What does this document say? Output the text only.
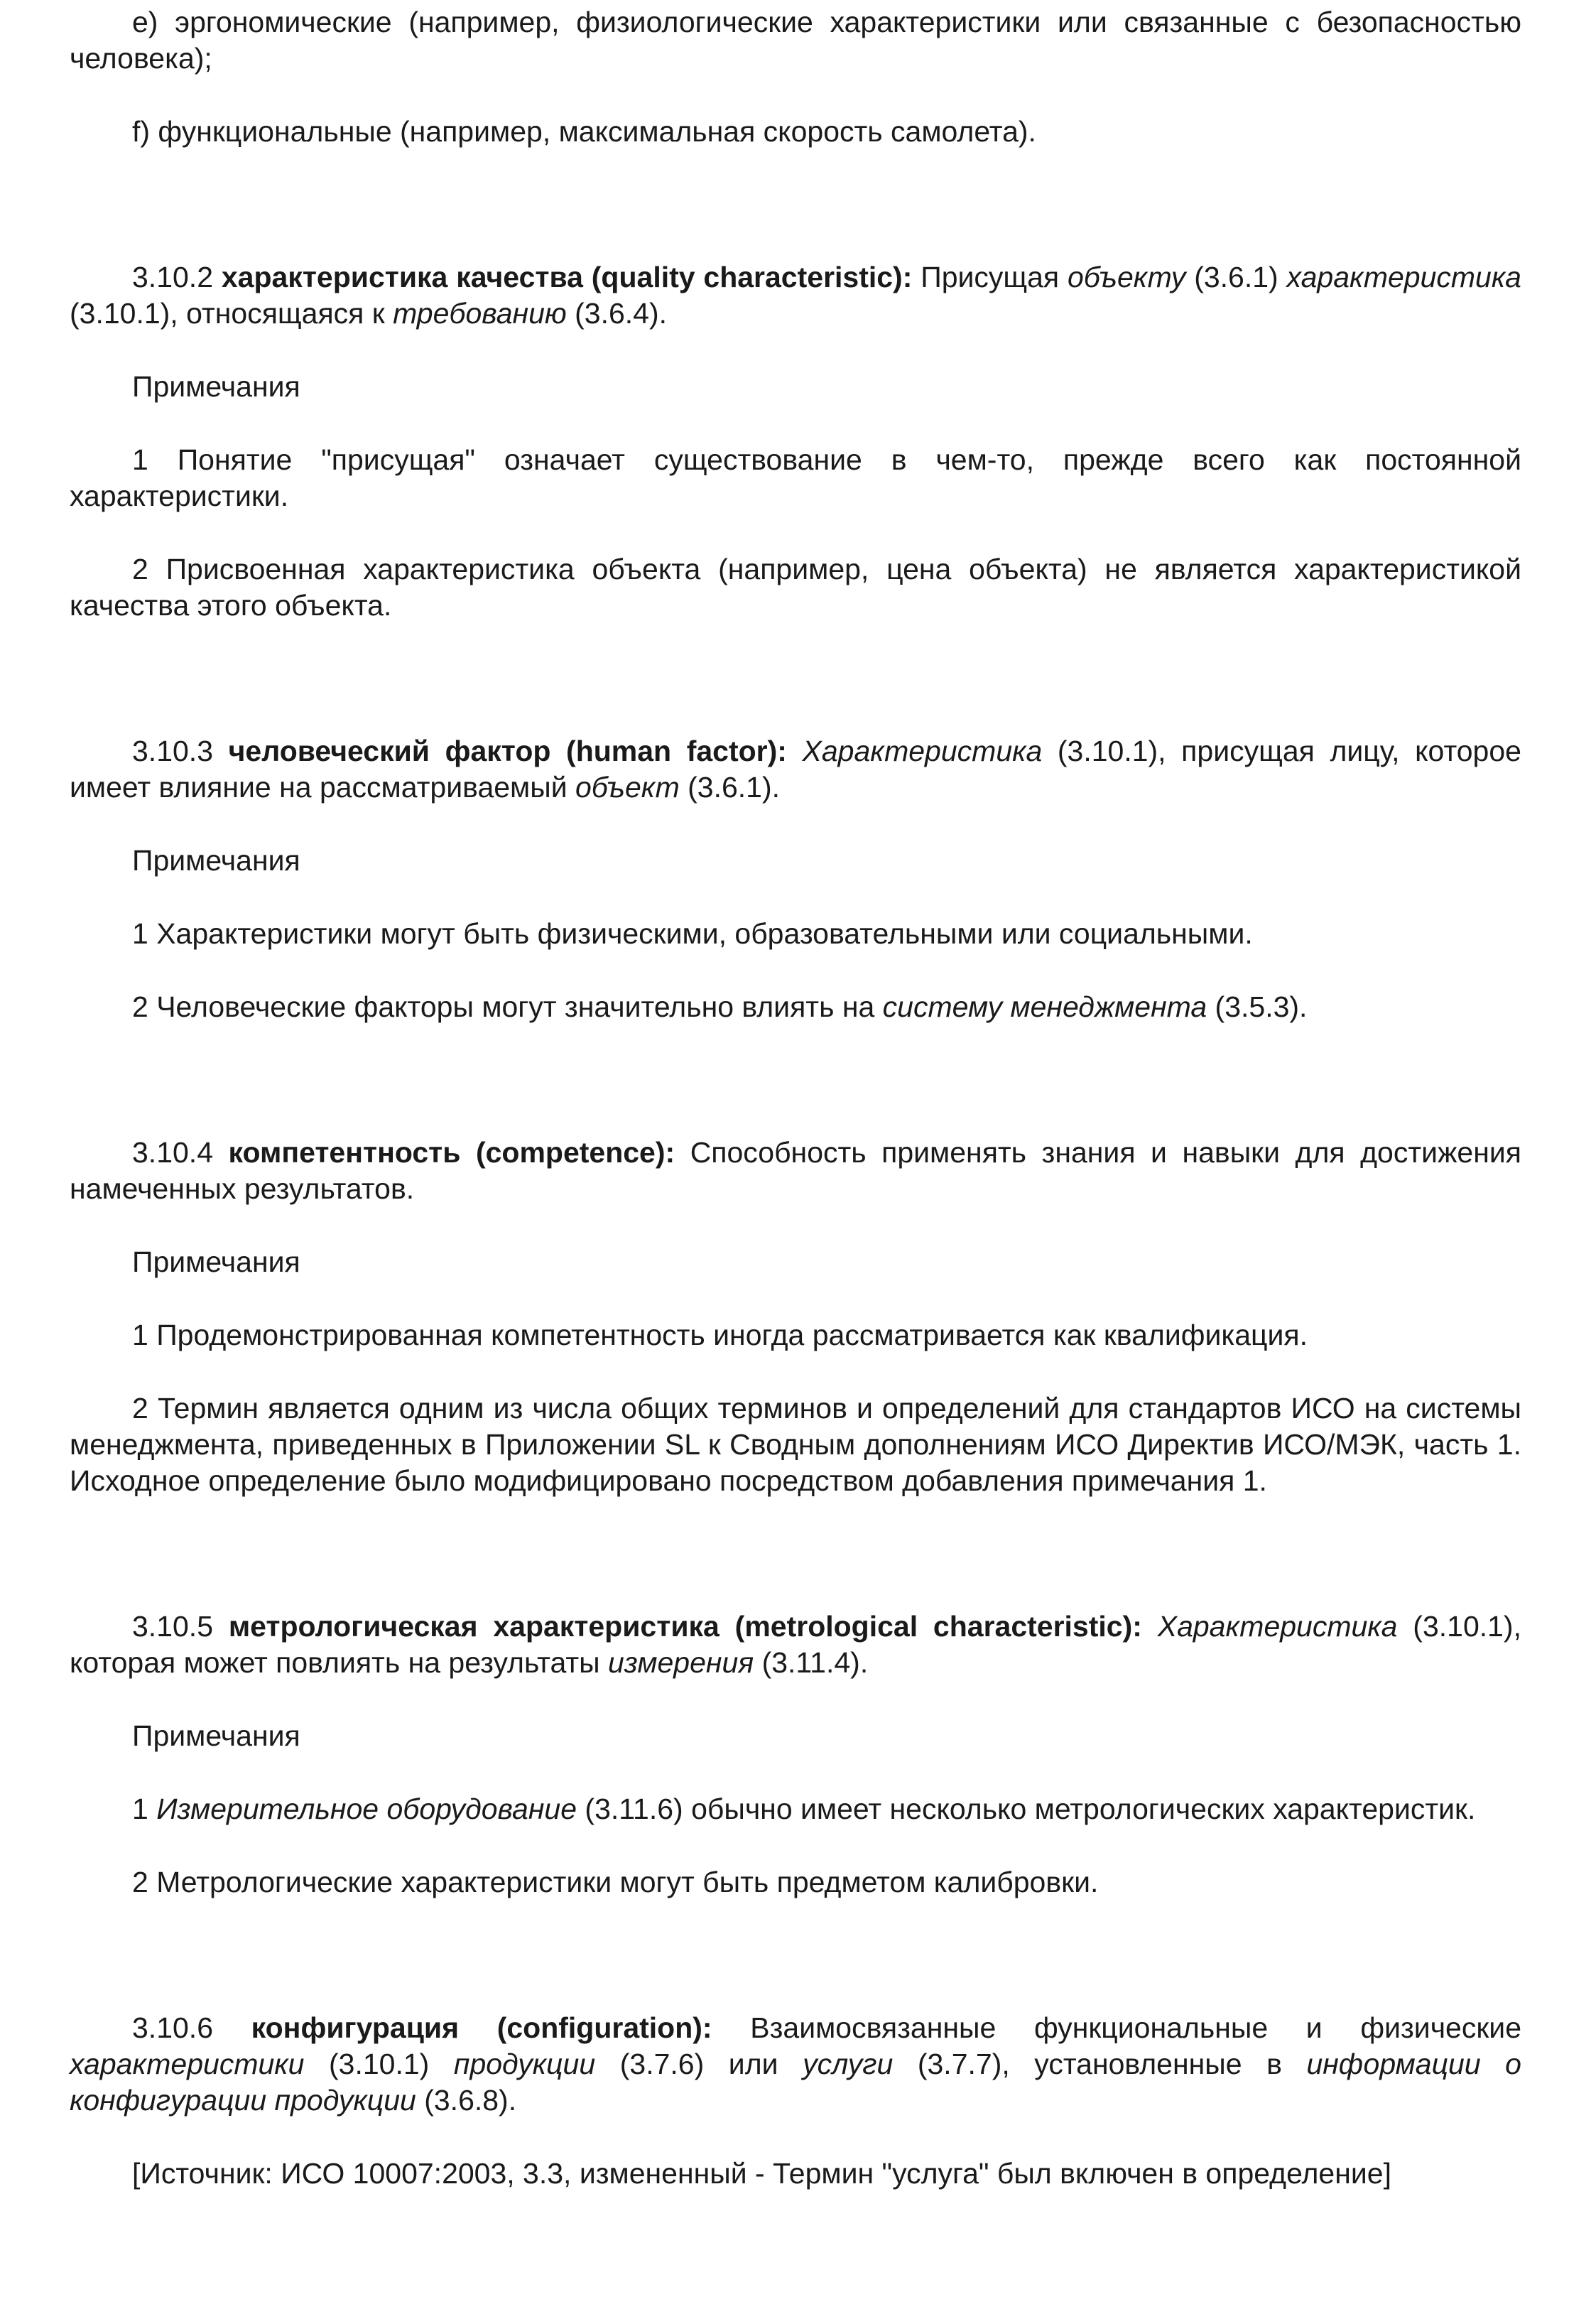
e) эргономические (например, физиологические характеристики или связанные с безопасностью человека);

f) функциональные (например, максимальная скорость самолета).

3.10.2 характеристика качества (quality characteristic): Присущая объекту (3.6.1) характеристика (3.10.1), относящаяся к требованию (3.6.4).

Примечания

1 Понятие "присущая" означает существование в чем-то, прежде всего как постоянной характеристики.

2 Присвоенная характеристика объекта (например, цена объекта) не является характеристикой качества этого объекта.

3.10.3 человеческий фактор (human factor): Характеристика (3.10.1), присущая лицу, которое имеет влияние на рассматриваемый объект (3.6.1).

Примечания

1 Характеристики могут быть физическими, образовательными или социальными.

2 Человеческие факторы могут значительно влиять на систему менеджмента (3.5.3).

3.10.4 компетентность (competence): Способность применять знания и навыки для достижения намеченных результатов.

Примечания

1 Продемонстрированная компетентность иногда рассматривается как квалификация.

2 Термин является одним из числа общих терминов и определений для стандартов ИСО на системы менеджмента, приведенных в Приложении SL к Сводным дополнениям ИСО Директив ИСО/МЭК, часть 1. Исходное определение было модифицировано посредством добавления примечания 1.

3.10.5 метрологическая характеристика (metrological characteristic): Характеристика (3.10.1), которая может повлиять на результаты измерения (3.11.4).

Примечания

1 Измерительное оборудование (3.11.6) обычно имеет несколько метрологических характеристик.

2 Метрологические характеристики могут быть предметом калибровки.

3.10.6 конфигурация (configuration): Взаимосвязанные функциональные и физические характеристики (3.10.1) продукции (3.7.6) или услуги (3.7.7), установленные в информации о конфигурации продукции (3.6.8).

[Источник: ИСО 10007:2003, 3.3, измененный - Термин "услуга" был включен в определение]
